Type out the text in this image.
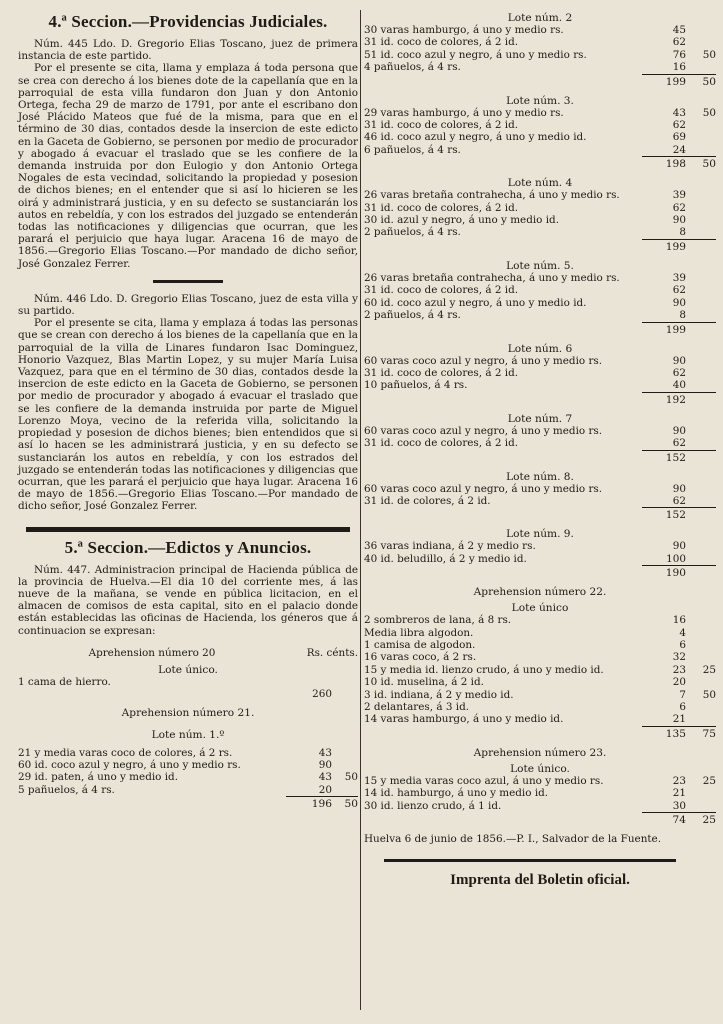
4.ª Seccion.—Providencias Judiciales.

Núm. 445 Ldo. D. Gregorio Elias Toscano, juez de primera instancia de este partido.

Por el presente se cita, llama y emplaza á toda persona que se crea con derecho á los bienes dote de la capellanía que en la parroquial de esta villa fundaron don Juan y don Antonio Ortega, fecha 29 de marzo de 1791, por ante el escribano don José Plácido Mateos que fué de la misma, para que en el término de 30 dias, contados desde la insercion de este edicto en la Gaceta de Gobierno, se personen por medio de procurador y abogado á evacuar el traslado que se les confiere de la demanda instruida por don Eulogio y don Antonio Ortega Nogales de esta vecindad, solicitando la propiedad y posesion de dichos bienes; en el entender que si así lo hicieren se les oirá y administrará justicia, y en su defecto se sustanciarán los autos en rebeldía, y con los estrados del juzgado se entenderán todas las notificaciones y diligencias que ocurran, que les parará el perjuicio que haya lugar. Aracena 16 de mayo de 1856.—Gregorio Elias Toscano.—Por mandado de dicho señor, José Gonzalez Ferrer.

Núm. 446 Ldo. D. Gregorio Elias Toscano, juez de esta villa y su partido.

Por el presente se cita, llama y emplaza á todas las personas que se crean con derecho á los bienes de la capellanía que en la parroquial de la villa de Linares fundaron Isac Dominguez, Honorio Vazquez, Blas Martin Lopez, y su mujer María Luisa Vazquez, para que en el término de 30 dias, contados desde la insercion de este edicto en la Gaceta de Gobierno, se personen por medio de procurador y abogado á evacuar el traslado que se les confiere de la demanda instruida por parte de Miguel Lorenzo Moya, vecino de la referida villa, solicitando la propiedad y posesion de dichos bienes; bien entendidos que si así lo hacen se les administrará justicia, y en su defecto se sustanciarán los autos en rebeldía, y con los estrados del juzgado se entenderán todas las notificaciones y diligencias que ocurran, que les parará el perjuicio que haya lugar. Aracena 16 de mayo de 1856.—Gregorio Elias Toscano.—Por mandado de dicho señor, José Gonzalez Ferrer.

5.ª Seccion.—Edictos y Anuncios.

Núm. 447. Administracion principal de Hacienda pública de la provincia de Huelva.—El dia 10 del corriente mes, á las nueve de la mañana, se vende en pública licitacion, en el almacen de comisos de esta capital, sito en el palacio donde están establecidas las oficinas de Hacienda, los géneros que á continuacion se expresan:

Aprehension número 20	Rs. cénts.
Lote único.
1 cama de hierro.
260
Aprehension número 21.
Lote núm. 1.º
21 y media varas coco de colores, á 2 rs.	43
60 id. coco azul y negro, á uno y medio rs.	90
29 id. paten, á uno y medio id.	43	50
5 pañuelos, á 4 rs.	20
196	50
Lote núm. 2
30 varas hamburgo, á uno y medio rs.	45
31 id. coco de colores, á 2 id.	62
51 id. coco azul y negro, á uno y medio rs.	76	50
4 pañuelos, á 4 rs.	16
199	50
Lote núm. 3.
29 varas hamburgo, á uno y medio rs.	43	50
31 id. coco de colores, á 2 id.	62
46 id. coco azul y negro, á uno y medio id.	69
6 pañuelos, á 4 rs.	24
198	50
Lote núm. 4
26 varas bretaña contrahecha, á uno y medio rs.	39
31 id. coco de colores, á 2 id.	62
30 id. azul y negro, á uno y medio id.	90
2 pañuelos, á 4 rs.	8
199
Lote núm. 5.
26 varas bretaña contrahecha, á uno y medio rs.	39
31 id. coco de colores, á 2 id.	62
60 id. coco azul y negro, á uno y medio id.	90
2 pañuelos, á 4 rs.	8
199
Lote núm. 6
60 varas coco azul y negro, á uno y medio rs.	90
31 id. coco de colores, á 2 id.	62
10 pañuelos, á 4 rs.	40
192
Lote núm. 7
60 varas coco azul y negro, á uno y medio rs.	90
31 id. coco de colores, á 2 id.	62
152
Lote núm. 8.
60 varas coco azul y negro, á uno y medio rs.	90
31 id. de colores, á 2 id.	62
152
Lote núm. 9.
36 varas indiana, á 2 y medio rs.	90
40 id. beludillo, á 2 y medio id.	100
190
Aprehension número 22.
Lote único
2 sombreros de lana, á 8 rs.	16
Media libra algodon.	4
1 camisa de algodon.	6
16 varas coco, á 2 rs.	32
15 y media id. lienzo crudo, á uno y medio id.	23	25
10 id. muselina, á 2 id.	20
3 id. indiana, á 2 y medio id.	7	50
2 delantares, á 3 id.	6
14 varas hamburgo, á uno y medio id.	21
135	75
Aprehension número 23.
Lote único.
15 y media varas coco azul, á uno y medio rs.	23	25
14 id. hamburgo, á uno y medio id.	21
30 id. lienzo crudo, á 1 id.	30
74	25
Huelva 6 de junio de 1856.—P. I., Salvador de la Fuente.
Imprenta del Boletin oficial.
